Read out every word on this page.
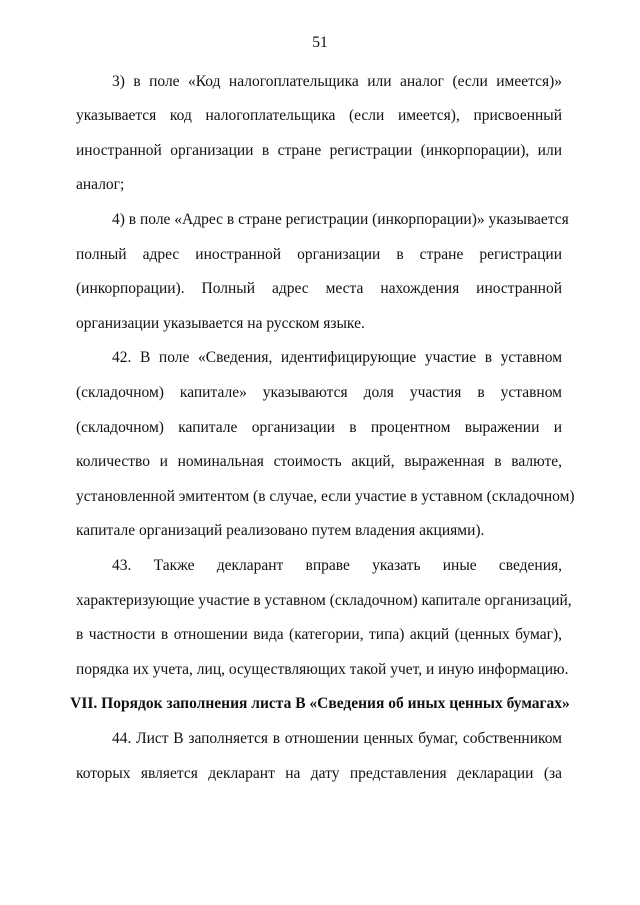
51
3) в поле «Код налогоплательщика или аналог (если имеется)»
указывается код налогоплательщика (если имеется), присвоенный
иностранной организации в стране регистрации (инкорпорации), или
аналог;
4) в поле «Адрес в стране регистрации (инкорпорации)» указывается
полный адрес иностранной организации в стране регистрации
(инкорпорации). Полный адрес места нахождения иностранной
организации указывается на русском языке.
42. В поле «Сведения, идентифицирующие участие в уставном
(складочном) капитале» указываются доля участия в уставном
(складочном) капитале организации в процентном выражении и
количество и номинальная стоимость акций, выраженная в валюте,
установленной эмитентом (в случае, если участие в уставном (складочном)
капитале организаций реализовано путем владения акциями).
43. Также декларант вправе указать иные сведения,
характеризующие участие в уставном (складочном) капитале организаций,
в частности в отношении вида (категории, типа) акций (ценных бумаг),
порядка их учета, лиц, осуществляющих такой учет, и иную информацию.
VII. Порядок заполнения листа В «Сведения об иных ценных бумагах»
44. Лист В заполняется в отношении ценных бумаг, собственником
которых является декларант на дату представления декларации (за
